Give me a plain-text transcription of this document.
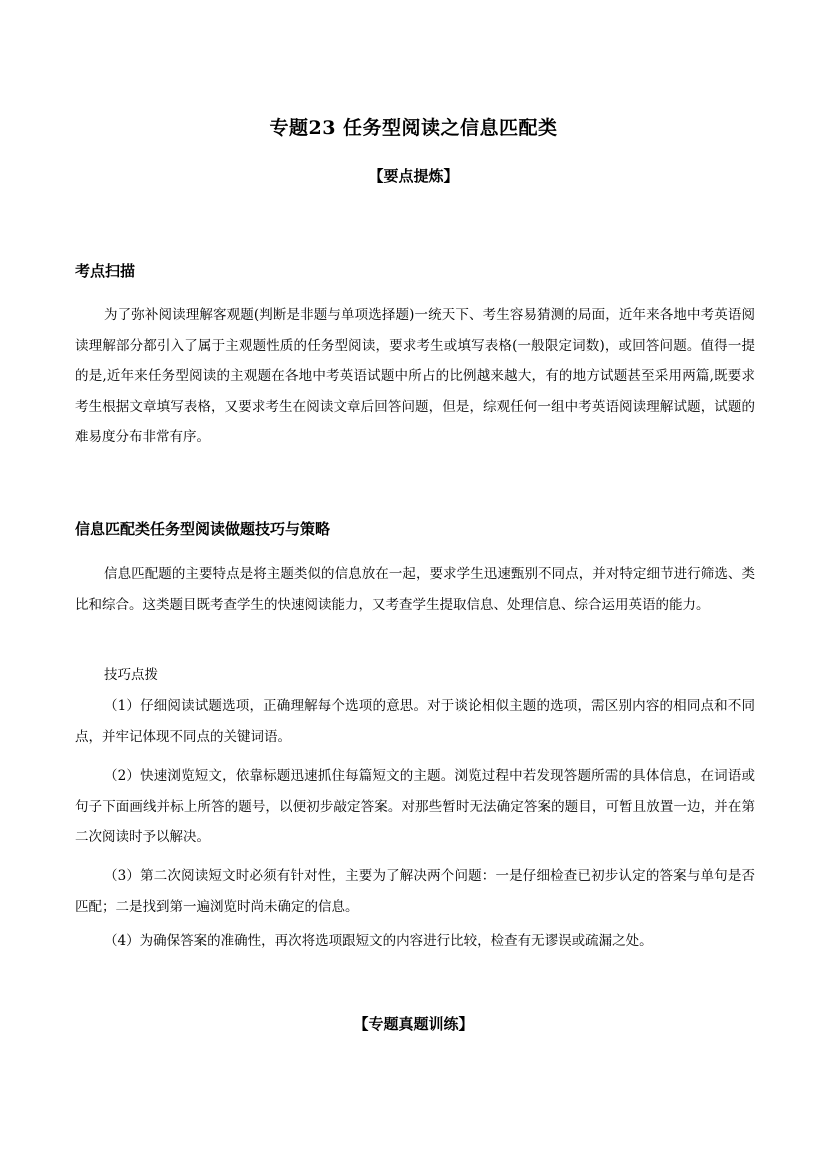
专题23 任务型阅读之信息匹配类
【要点提炼】
考点扫描

为了弥补阅读理解客观题(判断是非题与单项选择题)一统天下、考生容易猜测的局面，近年来各地中考英语阅读理解部分都引入了属于主观题性质的任务型阅读，要求考生或填写表格(一般限定词数)，或回答问题。值得一提的是,近年来任务型阅读的主观题在各地中考英语试题中所占的比例越来越大，有的地方试题甚至采用两篇,既要求考生根据文章填写表格，又要求考生在阅读文章后回答问题，但是，综观任何一组中考英语阅读理解试题，试题的难易度分布非常有序。

信息匹配类任务型阅读做题技巧与策略

信息匹配题的主要特点是将主题类似的信息放在一起，要求学生迅速甄别不同点，并对特定细节进行筛选、类比和综合。这类题目既考查学生的快速阅读能力，又考查学生提取信息、处理信息、综合运用英语的能力。

技巧点拨

（1）仔细阅读试题选项，正确理解每个选项的意思。对于谈论相似主题的选项，需区别内容的相同点和不同点，并牢记体现不同点的关键词语。

（2）快速浏览短文，依靠标题迅速抓住每篇短文的主题。浏览过程中若发现答题所需的具体信息，在词语或句子下面画线并标上所答的题号，以便初步敲定答案。对那些暂时无法确定答案的题目，可暂且放置一边，并在第二次阅读时予以解决。

（3）第二次阅读短文时必须有针对性，主要为了解决两个问题：一是仔细检查已初步认定的答案与单句是否匹配；二是找到第一遍浏览时尚未确定的信息。

（4）为确保答案的准确性，再次将选项跟短文的内容进行比较，检查有无谬误或疏漏之处。

【专题真题训练】
